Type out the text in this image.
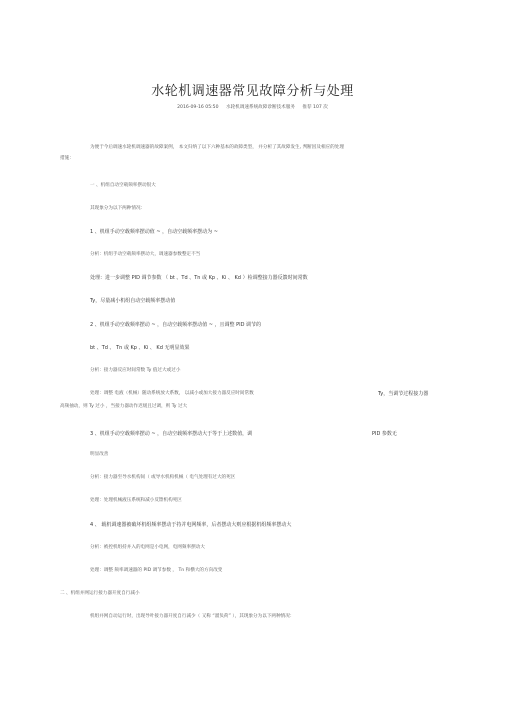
水轮机调速器常见故障分析与处理
2016-09-16 05:50 水轮机调速系统故障诊断技术服务 推荐 107 次
为便于今后调速水轮机调速器的故障案例， 本文归纳了以下六种基本的故障类型， 并分析了其故障发生, 判断因及相应的处理
措施：
一 、机组自动空载频率摆动很大
其现象分为以下两种情况：
1 、机组手动空载频率摆动值 ~ ，自动空载频率摆动为 ~
分析：机组手动空载频率摆动大，调速器参数整定不当
处理：进一步调整 PID 调节参数 （ bt 、Td 、Tn 或 Kp 、Ki 、 Kd ）检调整接力器反馈时间常数
Ty，尽量减小机组自动空载频率摆动值
2 、机组手动空载频率摆动 ~ ，自动空载频率摆动值 ~ ，且调整 PID 调节的
bt 、Td 、 Tn 或 Kp 、Ki 、 Kd 无明显效果
分析：接力器反应时间常数 Ty 值过大或过小
处理：调整 电液（机械）随动系统放大系数， 以减小或加大接力器反应时间常数	Ty，当调节过程接力器
高频抽动，则 Ty 过小 ，当接力器动作迟缓且过调，则 Ty 过大
3 、机组手动空载频率摆动 ~ ，自动空载频率摆动大于等于上述数值，调	PID 参数无
明显改善
分析：接力器至导水机构间（ 或导水机构机械（ 电气处理有过大的死区
处理：处理机械液压系统和减小反馈机构死区
4 、 载机调速器被破坏机组频率摆动于持并电网频率，后者摆动大则应根据机组频率摆动大
分析：被控机组持并入的电网是小电网，电网频率摆动大
处理：调整 频率调速器的 PID 调节参数 ， Tn 和横大的方向改变
二 、机组并网运行接力器开度自行减小
机组并网自动运行时，出现导叶接力器开度自行减少（ 又称 “溜负荷” ），其现象分为以下两种情况：
